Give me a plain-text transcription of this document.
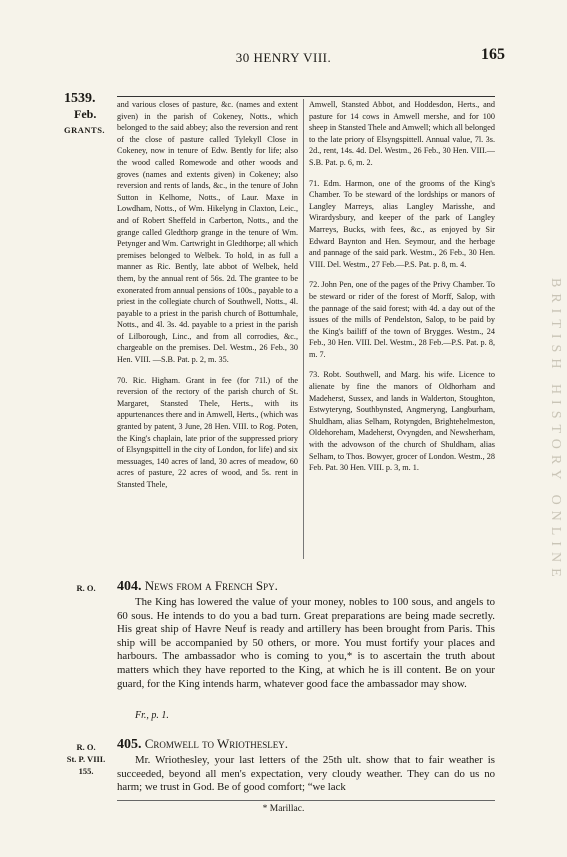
30 HENRY VIII.	165
1539.
Feb.
GRANTS.

and various closes of pasture, &c. (names and extent given) in the parish of Cokeney, Notts., which belonged to the said abbey; also the reversion and rent of the close of pasture called Tylekyll Close in Cokeney, now in tenure of Edw. Bently for life; also the wood called Romewode and other woods and groves (names and extents given) in Cokeney; also reversion and rents of lands, &c., in the tenure of John Sutton in Kelhome, Notts., of Laur. Maxe in Lowdham, Notts., of Wm. Hikelyng in Claxton, Leic., and of Robert Sheffeld in Carberton, Notts., and the grange called Gledthorp grange in the tenure of Wm. Petynger and Wm. Cartwright in Gledthorpe; all which premises belonged to Welbek. To hold, in as full a manner as Ric. Bently, late abbot of Welbek, held them, by the annual rent of 56s. 2d. The grantee to be exonerated from annual pensions of 100s., payable to a priest in the collegiate church of Southwell, Notts., 4l. payable to a priest in the parish church of Bottumhale, Notts., and 4l. 3s. 4d. payable to a priest in the parish of Lilborough, Linc., and from all corrodies, &c., chargeable on the premises. Del. Westm., 26 Feb., 30 Hen. VIII. —S.B. Pat. p. 2, m. 35.

70. Ric. Higham. Grant in fee (for 71l.) of the reversion of the rectory of the parish church of St. Margaret, Stansted Thele, Herts., with its appurtenances there and in Amwell, Herts., (which was granted by patent, 3 June, 28 Hen. VIII. to Rog. Poten, the King's chaplain, late prior of the suppressed priory of Elsyngspittell in the city of London, for life) and six messuages, 140 acres of land, 30 acres of meadow, 60 acres of pasture, 22 acres of wood, and 5s. rent in Stansted Thele,

Amwell, Stansted Abbot, and Hoddesdon, Herts., and pasture for 14 cows in Amwell mershe, and for 100 sheep in Stansted Thele and Amwell; which all belonged to the late priory of Elsyngspittell. Annual value, 7l. 3s. 2d., rent, 14s. 4d. Del. Westm., 26 Feb., 30 Hen. VIII.—S.B. Pat. p. 6, m. 2.

71. Edm. Harmon, one of the grooms of the King's Chamber. To be steward of the lordships or manors of Langley Marreys, alias Langley Marisshe, and Wirardysbury, and keeper of the park of Langley Marreys, Bucks, with fees, &c., as enjoyed by Sir Edward Baynton and Hen. Seymour, and the herbage and pannage of the said park. Westm., 26 Feb., 30 Hen. VIII. Del. Westm., 27 Feb.—P.S. Pat. p. 8, m. 4.

72. John Pen, one of the pages of the Privy Chamber. To be steward or rider of the forest of Morff, Salop, with the pannage of the said forest; with 4d. a day out of the issues of the mills of Pendelston, Salop, to be paid by the King's bailiff of the town of Brygges. Westm., 24 Feb., 30 Hen. VIII. Del. Westm., 28 Feb.—P.S. Pat. p. 8, m. 7.

73. Robt. Southwell, and Marg. his wife. Licence to alienate by fine the manors of Oldhorham and Madeherst, Sussex, and lands in Walderton, Stoughton, Estwyteryng, Southbynsted, Angmeryng, Langburham, Shuldham, alias Selham, Rotyngden, Brightehelmeston, Oldehoreham, Madeherst, Ovyngden, and Newsherham, with the advowson of the church of Shuldham, alias Selham, to Thos. Bowyer, grocer of London. Westm., 28 Feb. Pat. 30 Hen. VIII. p. 3, m. 1.

R. O.	404. News from a French Spy.
The King has lowered the value of your money, nobles to 100 sous, and angels to 60 sous. He intends to do you a bad turn. Great preparations are being made secretly. His great ship of Havre Neuf is ready and artillery has been brought from Paris. This ship will be accompanied by 50 others, or more. You must fortify your places and harbours. The ambassador who is coming to you,* is to ascertain the truth about matters which they have reported to the King, at which he is ill content. Be on your guard, for the King intends harm, whatever good face the ambassador may show.
Fr., p. 1.
R. O.
St. P. VIII.
155.
405. Cromwell to Wriothesley.
Mr. Wriothesley, your last letters of the 25th ult. show that to fair weather is succeeded, beyond all men's expectation, very cloudy weather. They can do us no harm; we trust in God. Be of good comfort; “we lack
* Marillac.
BRITISH HISTORY ONLINE
